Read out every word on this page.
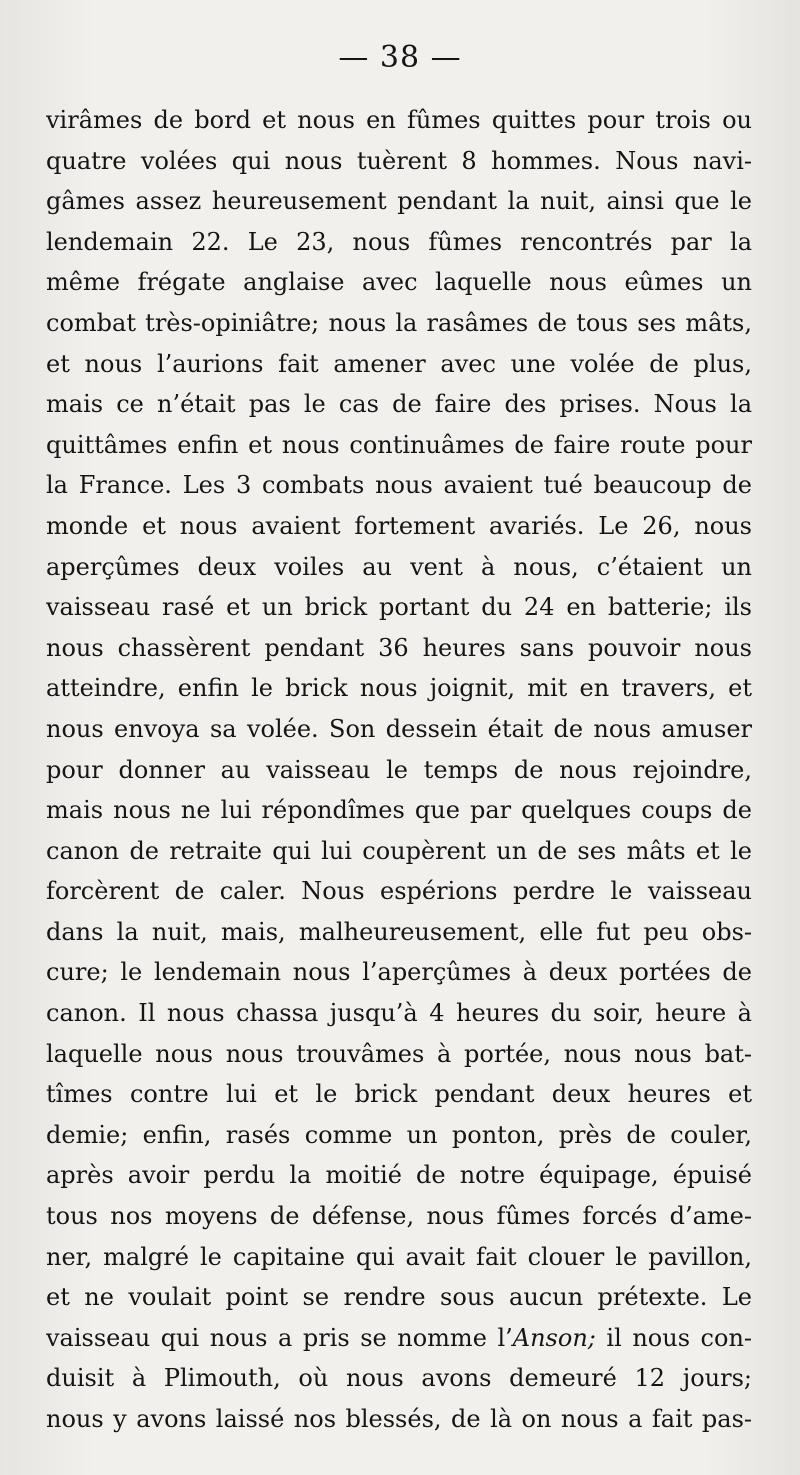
— 38 —
virâmes de bord et nous en fûmes quittes pour trois ou
quatre volées qui nous tuèrent 8 hommes. Nous navi-
gâmes assez heureusement pendant la nuit, ainsi que le
lendemain 22. Le 23, nous fûmes rencontrés par la
même frégate anglaise avec laquelle nous eûmes un
combat très-opiniâtre; nous la rasâmes de tous ses mâts,
et nous l’aurions fait amener avec une volée de plus,
mais ce n’était pas le cas de faire des prises. Nous la
quittâmes enfin et nous continuâmes de faire route pour
la France. Les 3 combats nous avaient tué beaucoup de
monde et nous avaient fortement avariés. Le 26, nous
aperçûmes deux voiles au vent à nous, c’étaient un
vaisseau rasé et un brick portant du 24 en batterie; ils
nous chassèrent pendant 36 heures sans pouvoir nous
atteindre, enfin le brick nous joignit, mit en travers, et
nous envoya sa volée. Son dessein était de nous amuser
pour donner au vaisseau le temps de nous rejoindre,
mais nous ne lui répondîmes que par quelques coups de
canon de retraite qui lui coupèrent un de ses mâts et le
forcèrent de caler. Nous espérions perdre le vaisseau
dans la nuit, mais, malheureusement, elle fut peu obs-
cure; le lendemain nous l’aperçûmes à deux portées de
canon. Il nous chassa jusqu’à 4 heures du soir, heure à
laquelle nous nous trouvâmes à portée, nous nous bat-
tîmes contre lui et le brick pendant deux heures et
demie; enfin, rasés comme un ponton, près de couler,
après avoir perdu la moitié de notre équipage, épuisé
tous nos moyens de défense, nous fûmes forcés d’ame-
ner, malgré le capitaine qui avait fait clouer le pavillon,
et ne voulait point se rendre sous aucun prétexte. Le
vaisseau qui nous a pris se nomme l’Anson; il nous con-
duisit à Plimouth, où nous avons demeuré 12 jours;
nous y avons laissé nos blessés, de là on nous a fait pas-
